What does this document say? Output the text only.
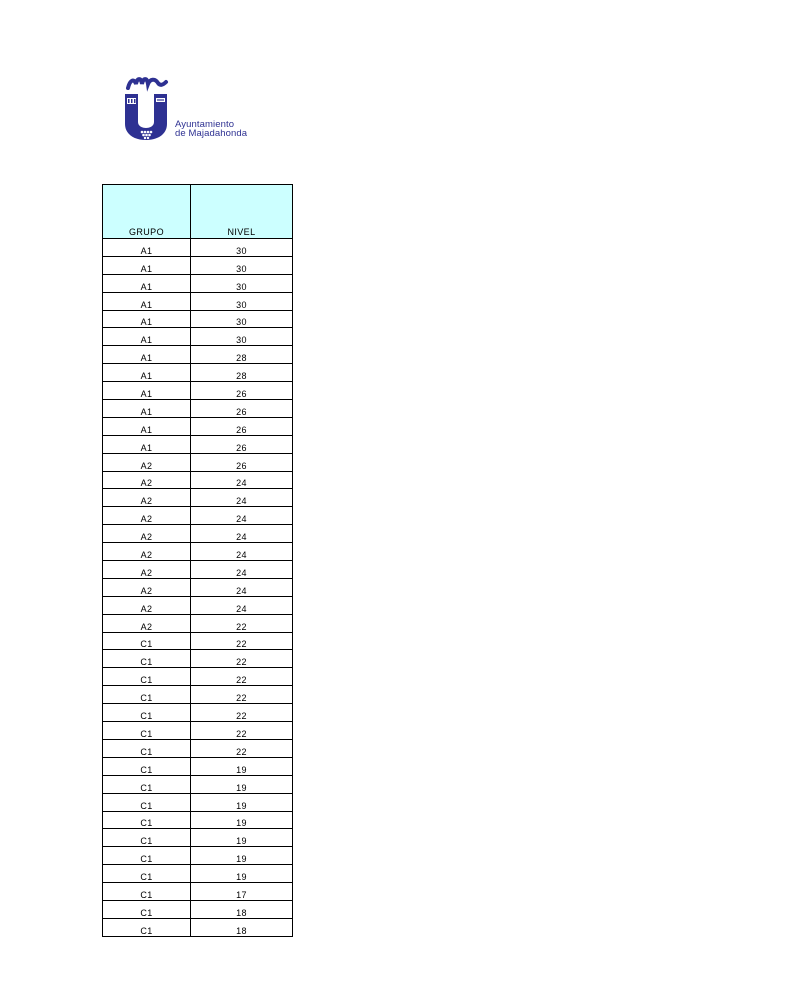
Ayuntamiento
de Majadahonda
GRUPO	NIVEL
A1	30
A1	30
A1	30
A1	30
A1	30
A1	30
A1	28
A1	28
A1	26
A1	26
A1	26
A1	26
A2	26
A2	24
A2	24
A2	24
A2	24
A2	24
A2	24
A2	24
A2	24
A2	22
C1	22
C1	22
C1	22
C1	22
C1	22
C1	22
C1	22
C1	19
C1	19
C1	19
C1	19
C1	19
C1	19
C1	19
C1	17
C1	18
C1	18
